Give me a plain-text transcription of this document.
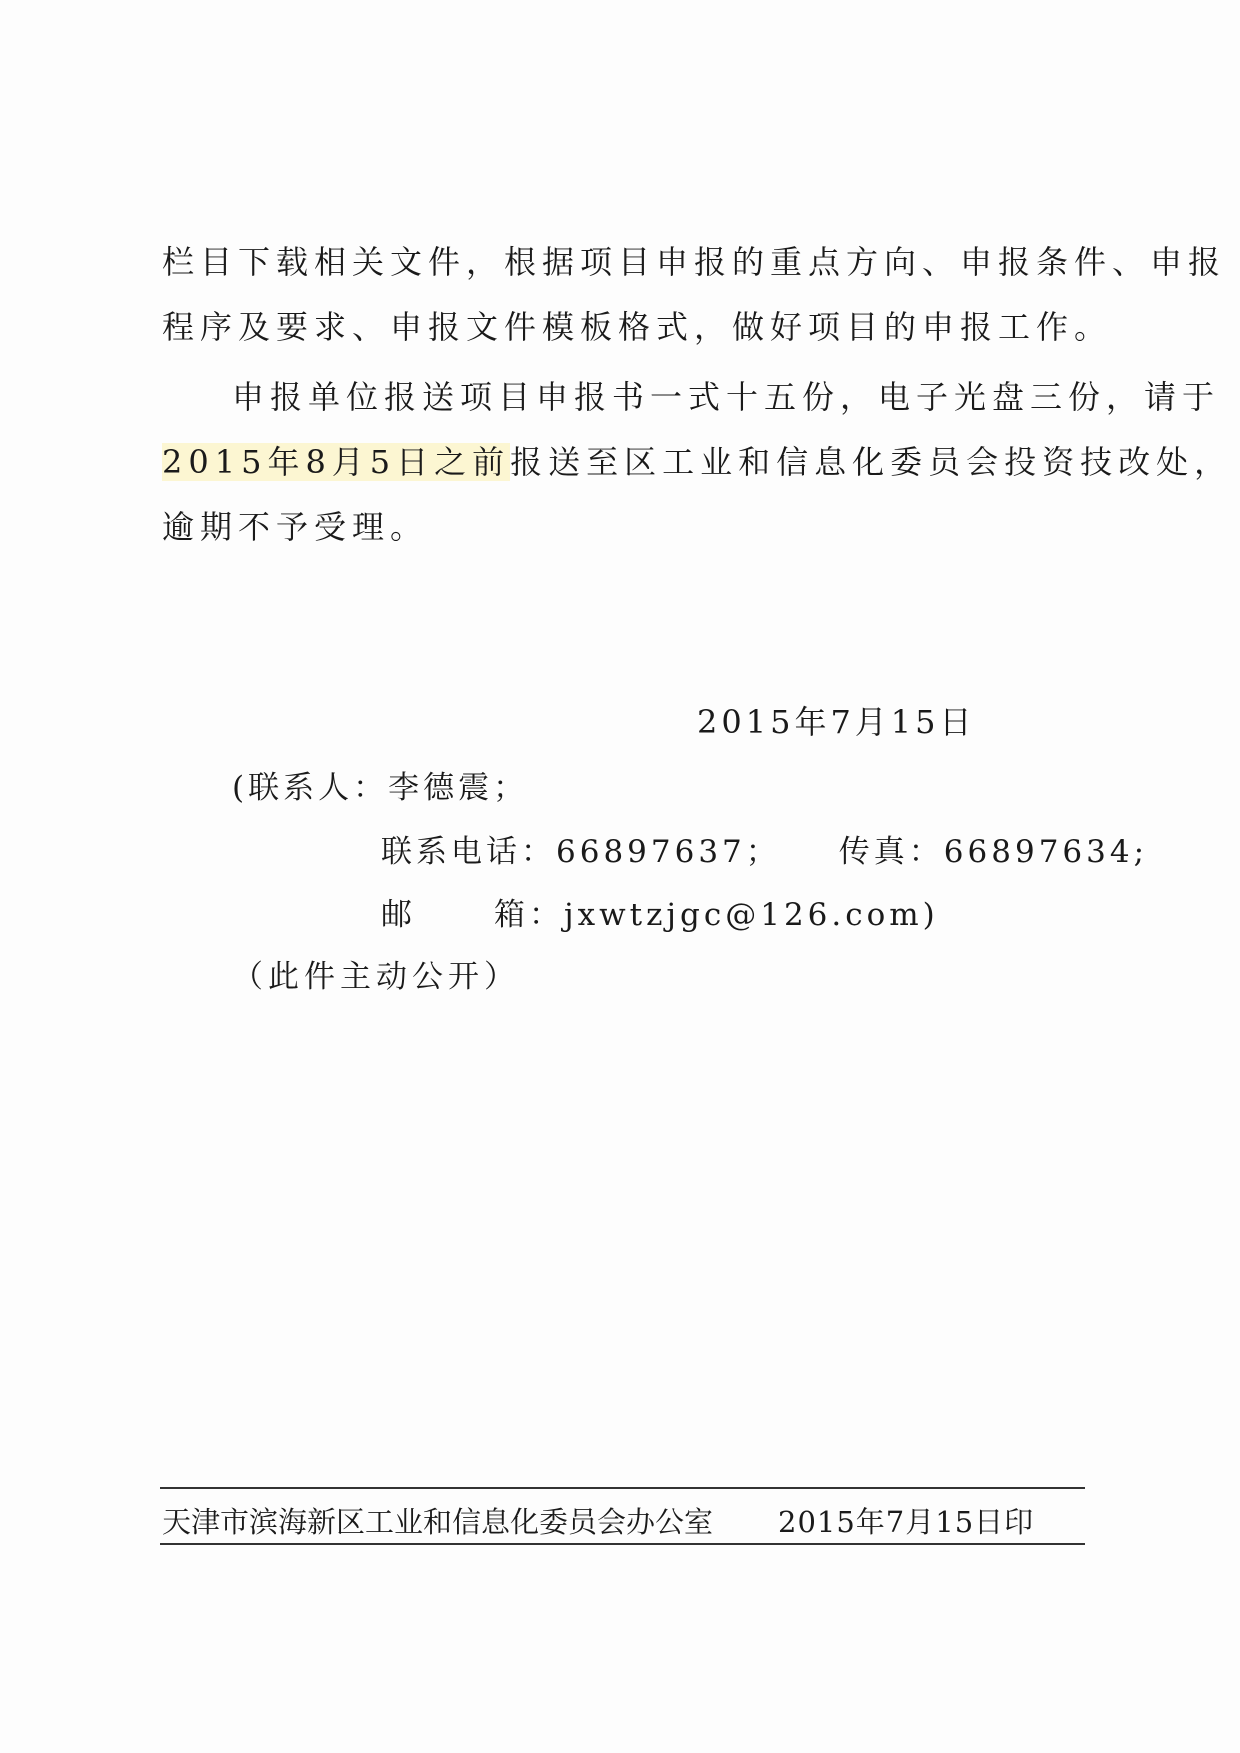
栏目下载相关文件，根据项目申报的重点方向、申报条件、申报
程序及要求、申报文件模板格式，做好项目的申报工作。
申报单位报送项目申报书一式十五份，电子光盘三份，请于
2015年8月5日之前报送至区工业和信息化委员会投资技改处，
逾期不予受理。
2015年7月15日
(联系人：李德震；
联系电话：66897637； 传真：66897634;
邮	箱：jxwtzjgc@126.com)
（此件主动公开）
天津市滨海新区工业和信息化委员会办公室 2015年7月15日印
